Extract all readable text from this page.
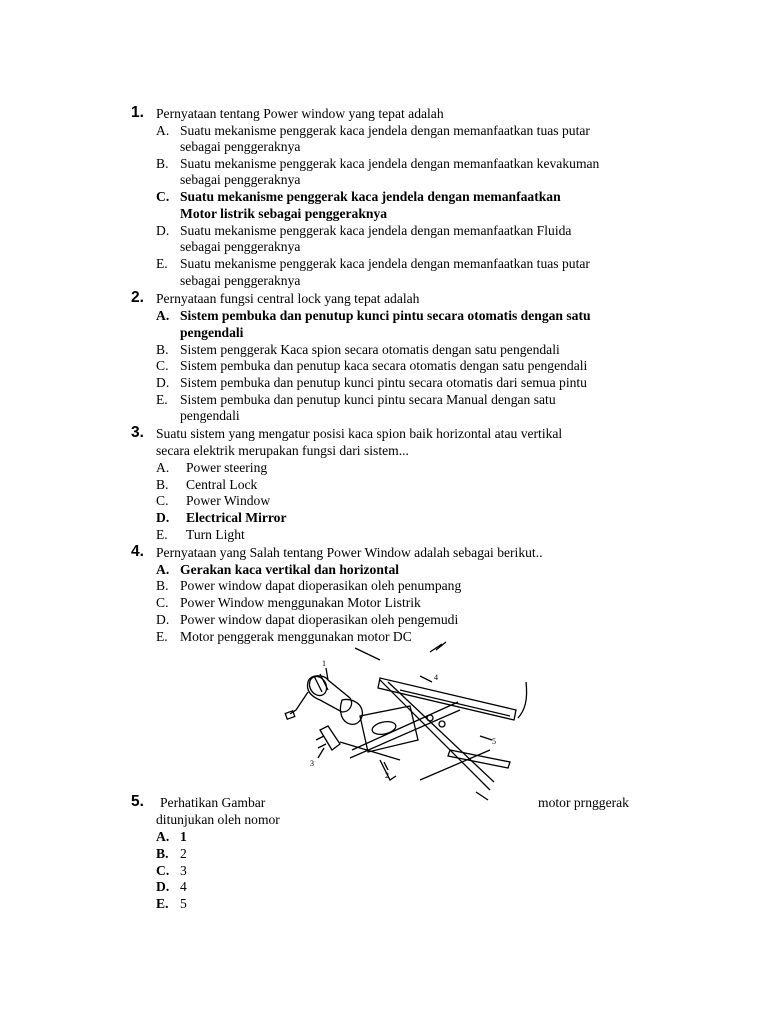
1. Pernyataan tentang Power window yang tepat adalah
A. Suatu mekanisme penggerak kaca jendela dengan memanfaatkan tuas putar
sebagai penggeraknya
B. Suatu mekanisme penggerak kaca jendela dengan memanfaatkan kevakuman
sebagai penggeraknya
C. Suatu mekanisme penggerak kaca jendela dengan memanfaatkan
Motor listrik sebagai penggeraknya
D. Suatu mekanisme penggerak kaca jendela dengan memanfaatkan Fluida
sebagai penggeraknya
E. Suatu mekanisme penggerak kaca jendela dengan memanfaatkan tuas putar
sebagai penggeraknya
2. Pernyataan fungsi central lock yang tepat adalah
A. Sistem pembuka dan penutup kunci pintu secara otomatis dengan satu
pengendali
B. Sistem penggerak Kaca spion secara otomatis dengan satu pengendali
C. Sistem pembuka dan penutup kaca secara otomatis dengan satu pengendali
D. Sistem pembuka dan penutup kunci pintu secara otomatis dari semua pintu
E. Sistem pembuka dan penutup kunci pintu secara Manual dengan satu
pengendali
3. Suatu sistem yang mengatur posisi kaca spion baik horizontal atau vertikal
secara elektrik merupakan fungsi dari sistem...
A. Power steering
B. Central Lock
C. Power Window
D. Electrical Mirror
E. Turn Light
4. Pernyataan yang Salah tentang Power Window adalah sebagai berikut..
A. Gerakan kaca vertikal dan horizontal
B. Power window dapat dioperasikan oleh penumpang
C. Power Window menggunakan Motor Listrik
D. Power window dapat dioperasikan oleh pengemudi
E. Motor penggerak menggunakan motor DC
1
2
3
4
5
5. Perhatikan Gambar	motor prnggerak
ditunjukan oleh nomor
A. 1
B. 2
C. 3
D. 4
E. 5
